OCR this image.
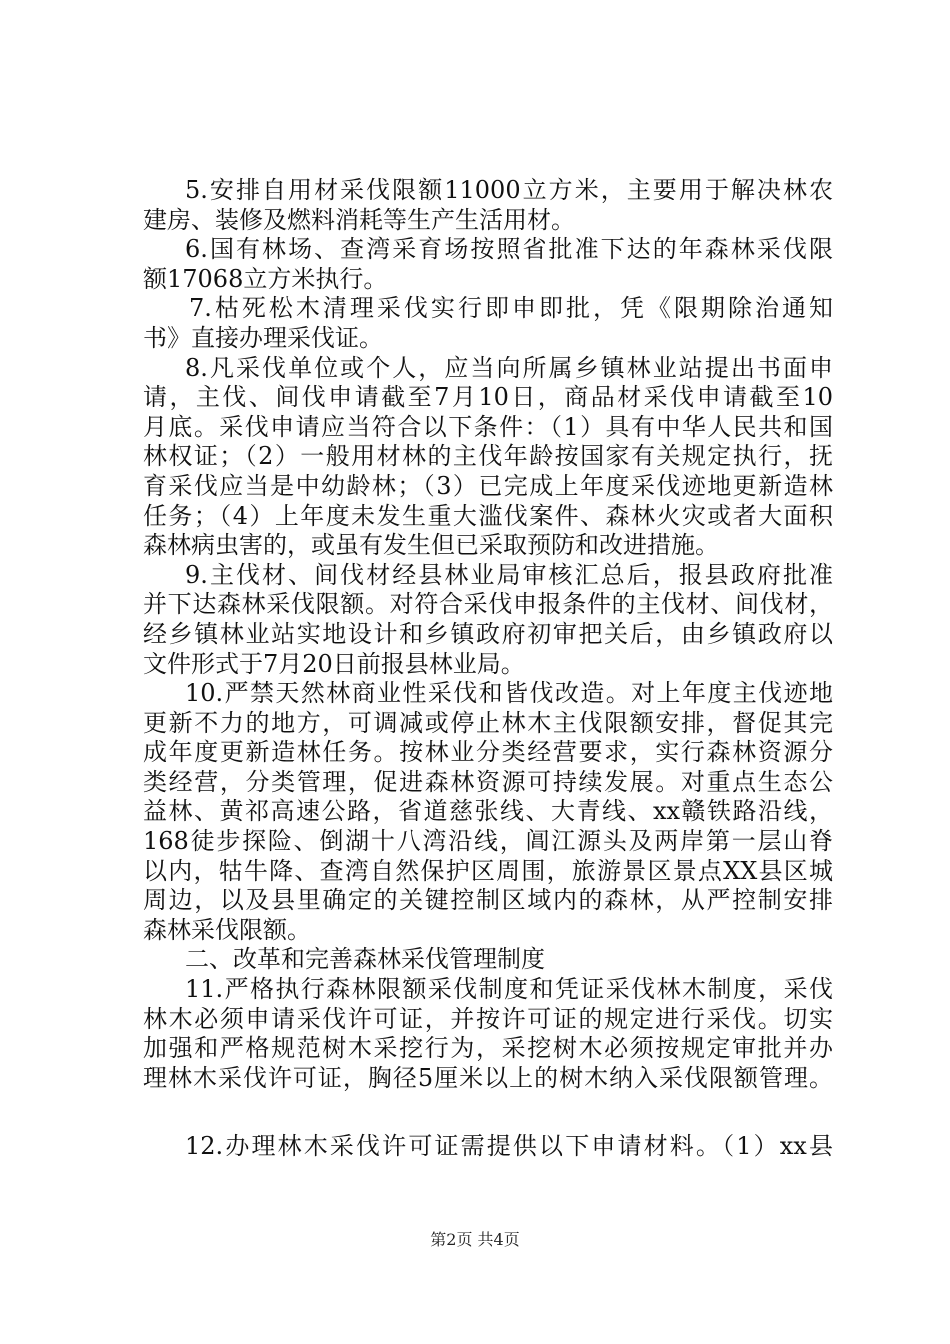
5.安排自用材采伐限额11000立方米，主要用于解决林农
建房、装修及燃料消耗等生产生活用材。
6.国有林场、查湾采育场按照省批准下达的年森林采伐限
额17068立方米执行。
7.枯死松木清理采伐实行即申即批，凭《限期除治通知
书》直接办理采伐证。
8.凡采伐单位或个人，应当向所属乡镇林业站提出书面申
请，主伐、间伐申请截至7月10日，商品材采伐申请截至10
月底。采伐申请应当符合以下条件：（1）具有中华人民共和国
林权证；（2）一般用材林的主伐年龄按国家有关规定执行，抚
育采伐应当是中幼龄林；（3）已完成上年度采伐迹地更新造林
任务；（4）上年度未发生重大滥伐案件、森林火灾或者大面积
森林病虫害的，或虽有发生但已采取预防和改进措施。
9.主伐材、间伐材经县林业局审核汇总后，报县政府批准
并下达森林采伐限额。对符合采伐申报条件的主伐材、间伐材，
经乡镇林业站实地设计和乡镇政府初审把关后，由乡镇政府以
文件形式于7月20日前报县林业局。
10.严禁天然林商业性采伐和皆伐改造。对上年度主伐迹地
更新不力的地方，可调减或停止林木主伐限额安排，督促其完
成年度更新造林任务。按林业分类经营要求，实行森林资源分
类经营，分类管理，促进森林资源可持续发展。对重点生态公
益林、黄祁高速公路，省道慈张线、大青线、xx赣铁路沿线，
168徒步探险、倒湖十八湾沿线，阊江源头及两岸第一层山脊
以内，牯牛降、查湾自然保护区周围，旅游景区景点XX县区城
周边，以及县里确定的关键控制区域内的森林，从严控制安排
森林采伐限额。
二、改革和完善森林采伐管理制度
11.严格执行森林限额采伐制度和凭证采伐林木制度，采伐
林木必须申请采伐许可证，并按许可证的规定进行采伐。切实
加强和严格规范树木采挖行为，采挖树木必须按规定审批并办
理林木采伐许可证，胸径5厘米以上的树木纳入采伐限额管理。
12.办理林木采伐许可证需提供以下申请材料。（1）xx县
第2页 共4页
